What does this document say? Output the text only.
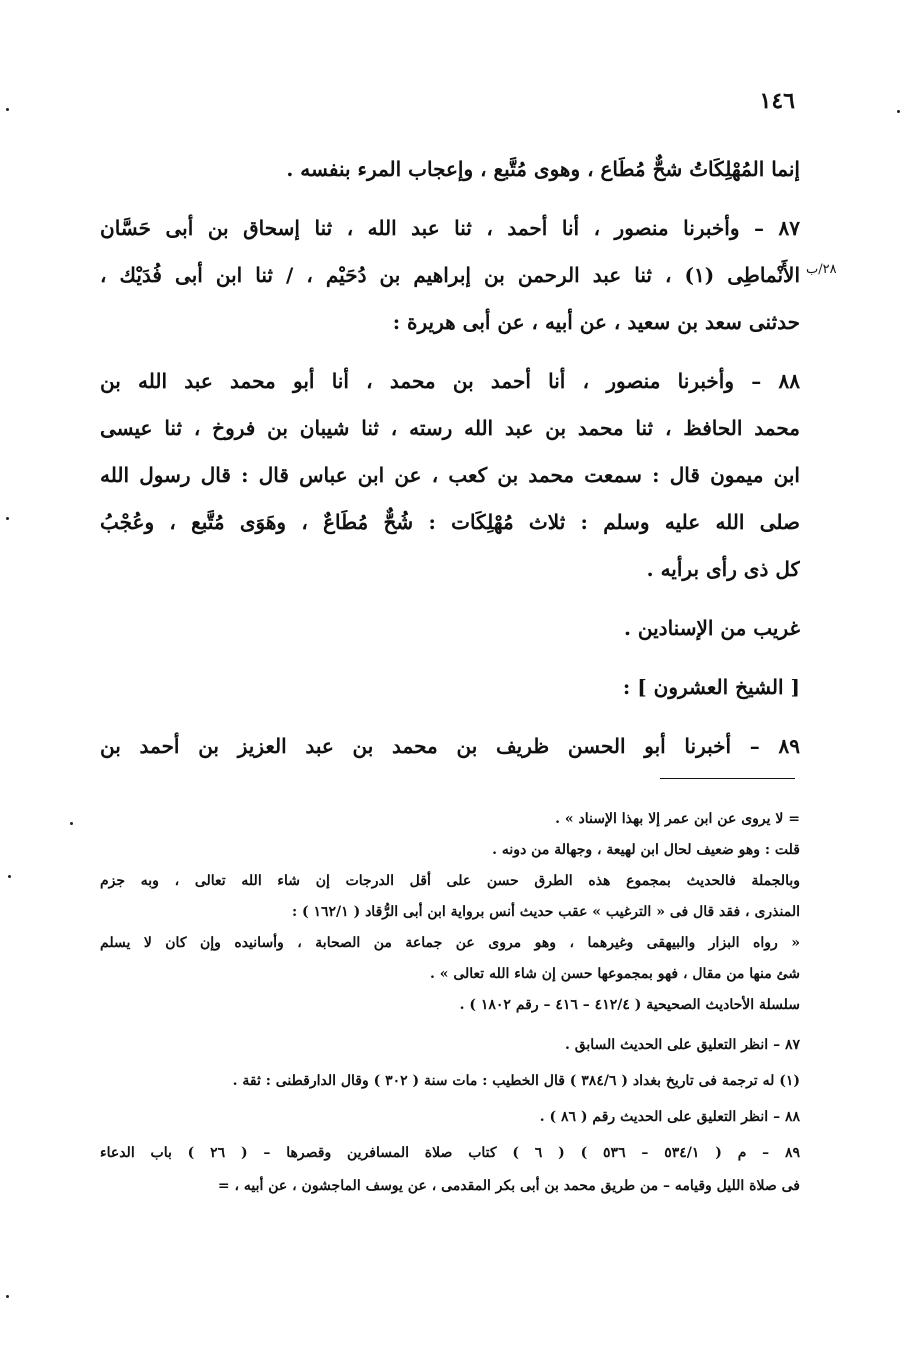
١٤٦
٢٨/ب
إنما المُهْلِكَاتُ شحٌّ مُطَاع ، وهوى مُتَّبع ، وإعجاب المرء بنفسه .
٨٧ – وأخبرنا منصور ، أنا أحمد ، ثنا عبد الله ، ثنا إسحاق بن أبى حَسَّان
الأَنْماطِى (١) ، ثنا عبد الرحمن بن إبراهيم بن دُحَيْم ، / ثنا ابن أبى فُدَيْك ،
حدثنى سعد بن سعيد ، عن أبيه ، عن أبى هريرة :
٨٨ – وأخبرنا منصور ، أنا أحمد بن محمد ، أنا أبو محمد عبد الله بن
محمد الحافظ ، ثنا محمد بن عبد الله رسته ، ثنا شيبان بن فروخ ، ثنا عيسى
ابن ميمون قال : سمعت محمد بن كعب ، عن ابن عباس قال : قال رسول الله
صلى الله عليه وسلم : ثلاث مُهْلِكَات : شُحٌّ مُطَاعٌ ، وهَوَى مُتَّبع ، وعُجْبُ
كل ذى رأى برأيه .
غريب من الإسنادين .
[ الشيخ العشرون ] :
٨٩ – أخبرنا أبو الحسن ظريف بن محمد بن عبد العزيز بن أحمد بن
= لا يروى عن ابن عمر إلا بهذا الإسناد » .
قلت : وهو ضعيف لحال ابن لهيعة ، وجهالة من دونه .
وبالجملة فالحديث بمجموع هذه الطرق حسن على أقل الدرجات إن شاء الله تعالى ، وبه جزم
المنذرى ، فقد قال فى « الترغيب » عقب حديث أنس برواية ابن أبى الرُّقاد ( ١٦٢/١ ) :
« رواه البزار والبيهقى وغيرهما ، وهو مروى عن جماعة من الصحابة ، وأسانيده وإن كان لا يسلم
شئ منها من مقال ، فهو بمجموعها حسن إن شاء الله تعالى » .
سلسلة الأحاديث الصحيحية ( ٤١٢/٤ – ٤١٦ – رقم ١٨٠٢ ) .
٨٧ – انظر التعليق على الحديث السابق .
(١) له ترجمة فى تاريخ بغداد ( ٣٨٤/٦ ) قال الخطيب : مات سنة ( ٣٠٢ ) وقال الدارقطنى : ثقة .
٨٨ – انظر التعليق على الحديث رقم ( ٨٦ ) .
٨٩ – م ( ٥٣٤/١ – ٥٣٦ ) ( ٦ ) كتاب صلاة المسافرين وقصرها – ( ٢٦ ) باب الدعاء
فى صلاة الليل وقيامه – من طريق محمد بن أبى بكر المقدمى ، عن يوسف الماجشون ، عن أبيه ، =
